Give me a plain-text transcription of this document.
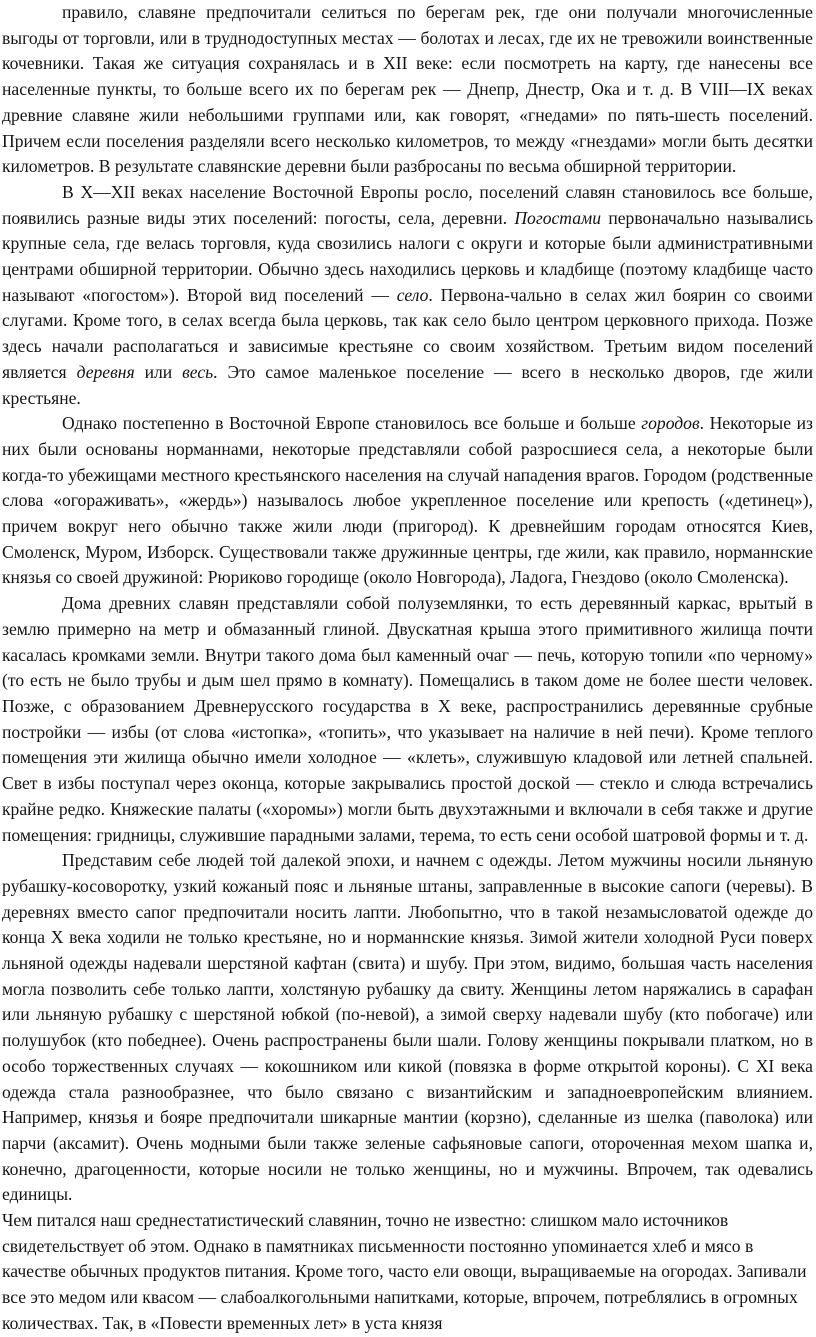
правило, славяне предпочитали селиться по берегам рек, где они получали многочисленные выгоды от торговли, или в труднодоступных местах — болотах и лесах, где их не тревожили воинственные кочевники. Такая же ситуация сохранялась и в XII веке: если посмотреть на карту, где нанесены все населенные пункты, то больше всего их по берегам рек — Днепр, Днестр, Ока и т. д. В VIII—IX веках древние славяне жили небольшими группами или, как говорят, «гнедами» по пять-шесть поселений. Причем если поселения разделяли всего несколько километров, то между «гнездами» могли быть десятки километров. В результате славянские деревни были разбросаны по весьма обширной территории.

В X—XII веках население Восточной Европы росло, поселений славян становилось все больше, появились разные виды этих поселений: погосты, села, деревни. Погостами первоначально назывались крупные села, где велась торговля, куда свозились налоги с округи и которые были административными центрами обширной территории. Обычно здесь находились церковь и кладбище (поэтому кладбище часто называют «погостом»). Второй вид поселений — село. Первона-чально в селах жил боярин со своими слугами. Кроме того, в селах всегда была церковь, так как село было центром церковного прихода. Позже здесь начали располагаться и зависимые крестьяне со своим хозяйством. Третьим видом поселений является деревня или весь. Это самое маленькое поселение — всего в несколько дворов, где жили крестьяне.

Однако постепенно в Восточной Европе становилось все больше и больше городов. Некоторые из них были основаны норманнами, некоторые представляли собой разросшиеся села, а некоторые были когда-то убежищами местного крестьянского населения на случай нападения врагов. Городом (родственные слова «огораживать», «жердь») называлось любое укрепленное поселение или крепость («детинец»), причем вокруг него обычно также жили люди (пригород). К древнейшим городам относятся Киев, Смоленск, Муром, Изборск. Существовали также дружинные центры, где жили, как правило, норманнские князья со своей дружиной: Рюриково городище (около Новгорода), Ладога, Гнездово (около Смоленска).

Дома древних славян представляли собой полуземлянки, то есть деревянный каркас, врытый в землю примерно на метр и обмазанный глиной. Двускатная крыша этого примитивного жилища почти касалась кромками земли. Внутри такого дома был каменный очаг — печь, которую топили «по черному» (то есть не было трубы и дым шел прямо в комнату). Помещались в таком доме не более шести человек. Позже, с образованием Древнерусского государства в X веке, распространились деревянные срубные постройки — избы (от слова «истопка», «топить», что указывает на наличие в ней печи). Кроме теплого помещения эти жилища обычно имели холодное — «клеть», служившую кладовой или летней спальней. Свет в избы поступал через оконца, которые закрывались простой доской — стекло и слюда встречались крайне редко. Княжеские палаты («хоромы») могли быть двухэтажными и включали в себя также и другие помещения: гридницы, служившие парадными залами, терема, то есть сени особой шатровой формы и т. д.

Представим себе людей той далекой эпохи, и начнем с одежды. Летом мужчины носили льняную рубашку-косоворотку, узкий кожаный пояс и льняные штаны, заправленные в высокие сапоги (черевы). В деревнях вместо сапог предпочитали носить лапти. Любопытно, что в такой незамысловатой одежде до конца X века ходили не только крестьяне, но и норманнские князья. Зимой жители холодной Руси поверх льняной одежды надевали шерстяной кафтан (свита) и шубу. При этом, видимо, большая часть населения могла позволить себе только лапти, холстяную рубашку да свиту. Женщины летом наряжались в сарафан или льняную рубашку с шерстяной юбкой (по-невой), а зимой сверху надевали шубу (кто побогаче) или полушубок (кто победнее). Очень распространены были шали. Голову женщины покрывали платком, но в особо торжественных случаях — кокошником или кикой (повязка в форме открытой короны). С XI века одежда стала разнообразнее, что было связано с византийским и западноевропейским влиянием. Например, князья и бояре предпочитали шикарные мантии (корзно), сделанные из шелка (паволока) или парчи (аксамит). Очень модными были также зеленые сафьяновые сапоги, отороченная мехом шапка и, конечно, драгоценности, которые носили не только женщины, но и мужчины. Впрочем, так одевались единицы.

Чем питался наш среднестатистический славянин, точно не известно: слишком мало источников свидетельствует об этом. Однако в памятниках письменности постоянно упоминается хлеб и мясо в качестве обычных продуктов питания. Кроме того, часто ели овощи, выращиваемые на огородах. Запивали все это медом или квасом — слабоалкогольными напитками, которые, впрочем, потреблялись в огромных количествах. Так, в «Повести временных лет» в уста князя
